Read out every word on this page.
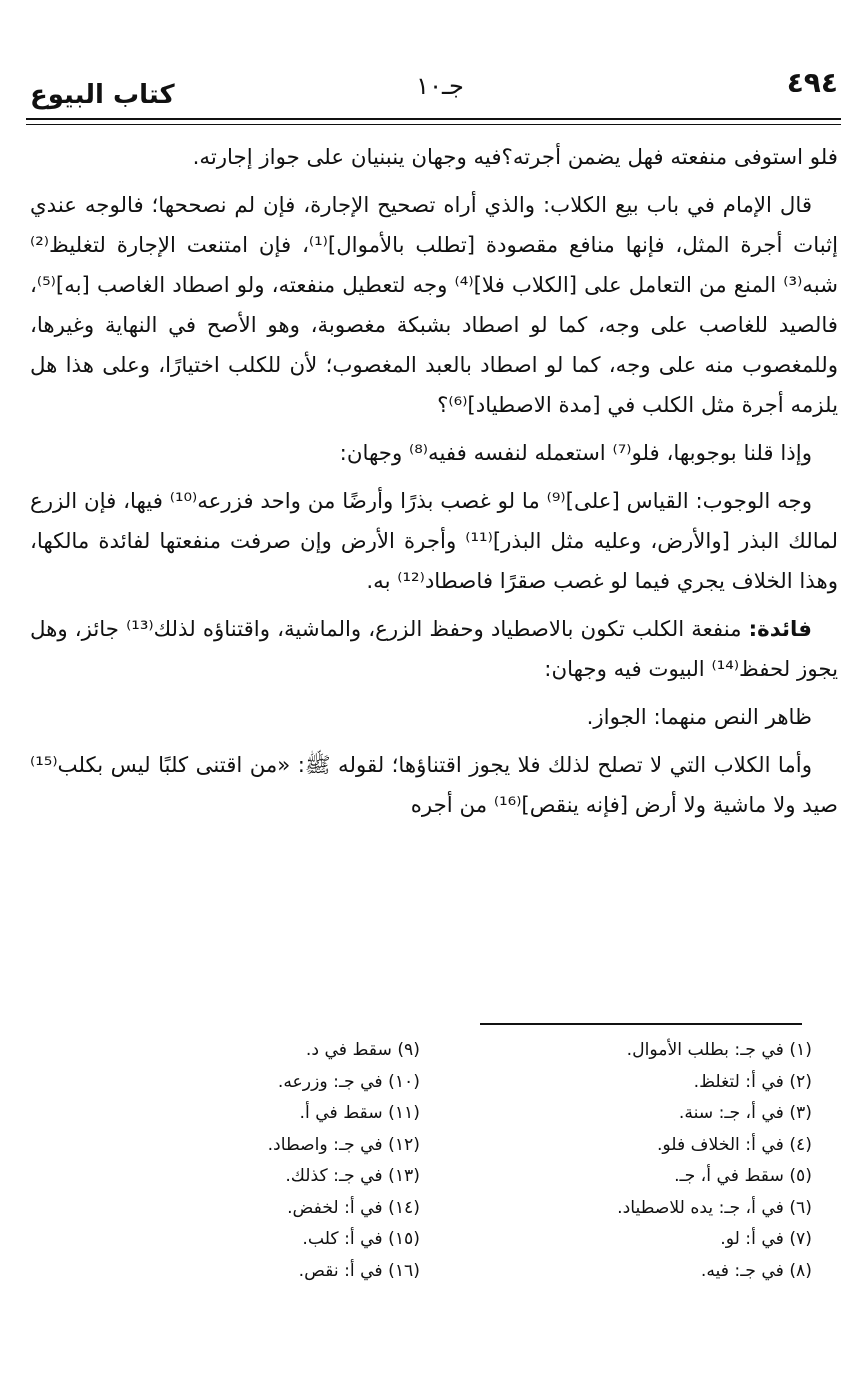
٤٩٤
جـ١٠
كتاب البيوع

فلو استوفى منفعته فهل يضمن أجرته؟فيه وجهان ينبنيان على جواز إجارته.

قال الإمام في باب بيع الكلاب: والذي أراه تصحيح الإجارة، فإن لم نصححها؛ فالوجه عندي إثبات أجرة المثل، فإنها منافع مقصودة [تطلب بالأموال]⁽¹⁾، فإن امتنعت الإجارة لتغليظ⁽²⁾ شبه⁽³⁾ المنع من التعامل على [الكلاب فلا]⁽⁴⁾ وجه لتعطيل منفعته، ولو اصطاد الغاصب [به]⁽⁵⁾، فالصيد للغاصب على وجه، كما لو اصطاد بشبكة مغصوبة، وهو الأصح في النهاية وغيرها، وللمغصوب منه على وجه، كما لو اصطاد بالعبد المغصوب؛ لأن للكلب اختيارًا، وعلى هذا هل يلزمه أجرة مثل الكلب في [مدة الاصطياد]⁽⁶⁾؟

وإذا قلنا بوجوبها، فلو⁽⁷⁾ استعمله لنفسه ففيه⁽⁸⁾ وجهان:

وجه الوجوب: القياس [على]⁽⁹⁾ ما لو غصب بذرًا وأرضًا من واحد فزرعه⁽¹⁰⁾ فيها، فإن الزرع لمالك البذر [والأرض، وعليه مثل البذر]⁽¹¹⁾ وأجرة الأرض وإن صرفت منفعتها لفائدة مالكها، وهذا الخلاف يجري فيما لو غصب صقرًا فاصطاد⁽¹²⁾ به.

فائدة: منفعة الكلب تكون بالاصطياد وحفظ الزرع، والماشية، واقتناؤه لذلك⁽¹³⁾ جائز، وهل يجوز لحفظ⁽¹⁴⁾ البيوت فيه وجهان:

ظاهر النص منهما: الجواز.

وأما الكلاب التي لا تصلح لذلك فلا يجوز اقتناؤها؛ لقوله ﷺ: «من اقتنى كلبًا ليس بكلب⁽¹⁵⁾ صيد ولا ماشية ولا أرض [فإنه ينقص]⁽¹⁶⁾ من أجره

(١) في جـ: بطلب الأموال.
(٢) في أ: لتغلظ.
(٣) في أ، جـ: سنة.
(٤) في أ: الخلاف فلو.
(٥) سقط في أ، جـ.
(٦) في أ، جـ: يده للاصطياد.
(٧) في أ: لو.
(٨) في جـ: فيه.
(٩) سقط في د.
(١٠) في جـ: وزرعه.
(١١) سقط في أ.
(١٢) في جـ: واصطاد.
(١٣) في جـ: كذلك.
(١٤) في أ: لخفض.
(١٥) في أ: كلب.
(١٦) في أ: نقص.
